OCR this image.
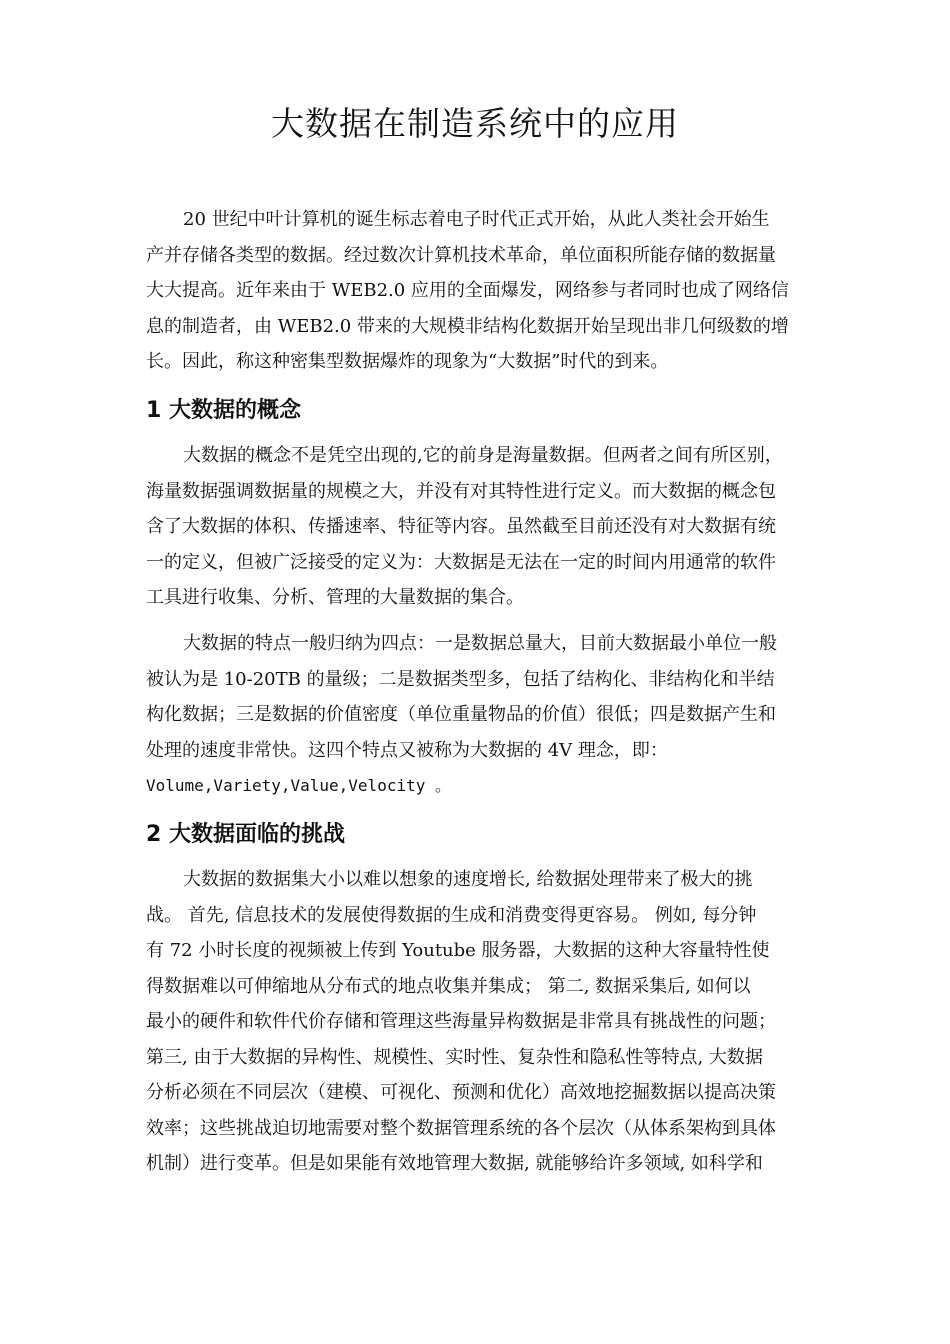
大数据在制造系统中的应用
20 世纪中叶计算机的诞生标志着电子时代正式开始，从此人类社会开始生
产并存储各类型的数据。经过数次计算机技术革命，单位面积所能存储的数据量
大大提高。近年来由于 WEB2.0 应用的全面爆发，网络参与者同时也成了网络信
息的制造者，由 WEB2.0 带来的大规模非结构化数据开始呈现出非几何级数的增
长。因此，称这种密集型数据爆炸的现象为“大数据”时代的到来。
1 大数据的概念
大数据的概念不是凭空出现的,它的前身是海量数据。但两者之间有所区别，
海量数据强调数据量的规模之大，并没有对其特性进行定义。而大数据的概念包
含了大数据的体积、传播速率、特征等内容。虽然截至目前还没有对大数据有统
一的定义，但被广泛接受的定义为：大数据是无法在一定的时间内用通常的软件
工具进行收集、分析、管理的大量数据的集合。
大数据的特点一般归纳为四点：一是数据总量大，目前大数据最小单位一般
被认为是 10-20TB 的量级；二是数据类型多，包括了结构化、非结构化和半结
构化数据；三是数据的价值密度（单位重量物品的价值）很低；四是数据产生和
处理的速度非常快。这四个特点又被称为大数据的 4V 理念，即：
Volume,Variety,Value,Velocity 。
2 大数据面临的挑战
大数据的数据集大小以难以想象的速度增长, 给数据处理带来了极大的挑
战。 首先, 信息技术的发展使得数据的生成和消费变得更容易。 例如, 每分钟
有 72 小时长度的视频被上传到 Youtube 服务器，大数据的这种大容量特性使
得数据难以可伸缩地从分布式的地点收集并集成； 第二, 数据采集后, 如何以
最小的硬件和软件代价存储和管理这些海量异构数据是非常具有挑战性的问题；
第三, 由于大数据的异构性、规模性、实时性、复杂性和隐私性等特点, 大数据
分析必须在不同层次（建模、可视化、预测和优化）高效地挖掘数据以提高决策
效率；这些挑战迫切地需要对整个数据管理系统的各个层次（从体系架构到具体
机制）进行变革。但是如果能有效地管理大数据, 就能够给许多领域, 如科学和
